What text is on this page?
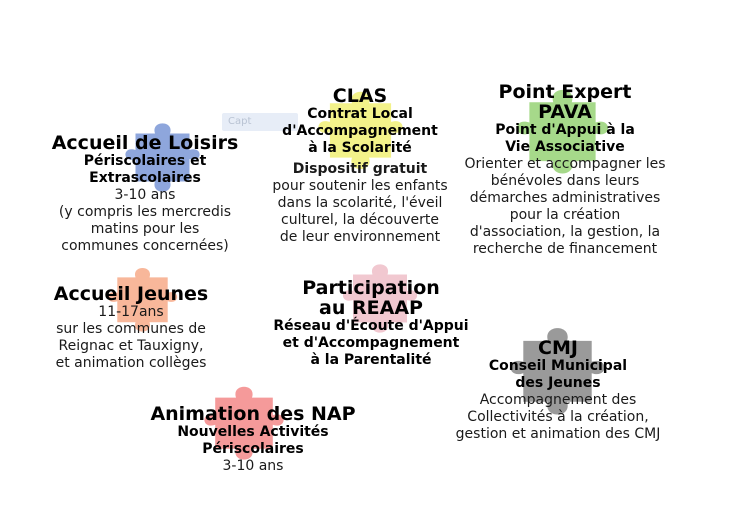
Capt
Accueil de Loisirs
Périscolaires et
Extrascolaires
3-10 ans
(y compris les mercredis
matins pour les
communes concernées)
CLAS
Contrat Local
d'Accompagnement
à la Scolarité
Dispositif gratuit
pour soutenir les enfants
dans la scolarité, l'éveil
culturel, la découverte
de leur environnement
Point Expert
PAVA
Point d'Appui à la
Vie Associative
Orienter et accompagner les
bénévoles dans leurs
démarches administratives
pour la création
d'association, la gestion, la
recherche de financement
Accueil Jeunes
11-17ans
sur les communes de
Reignac et Tauxigny,
et animation collèges
Participation
au REAAP
Réseau d'Écoute d'Appui
et d'Accompagnement
à la Parentalité
CMJ
Conseil Municipal
des Jeunes
Accompagnement des
Collectivités à la création,
gestion et animation des CMJ
Animation des NAP
Nouvelles Activités
Périscolaires
3-10 ans
